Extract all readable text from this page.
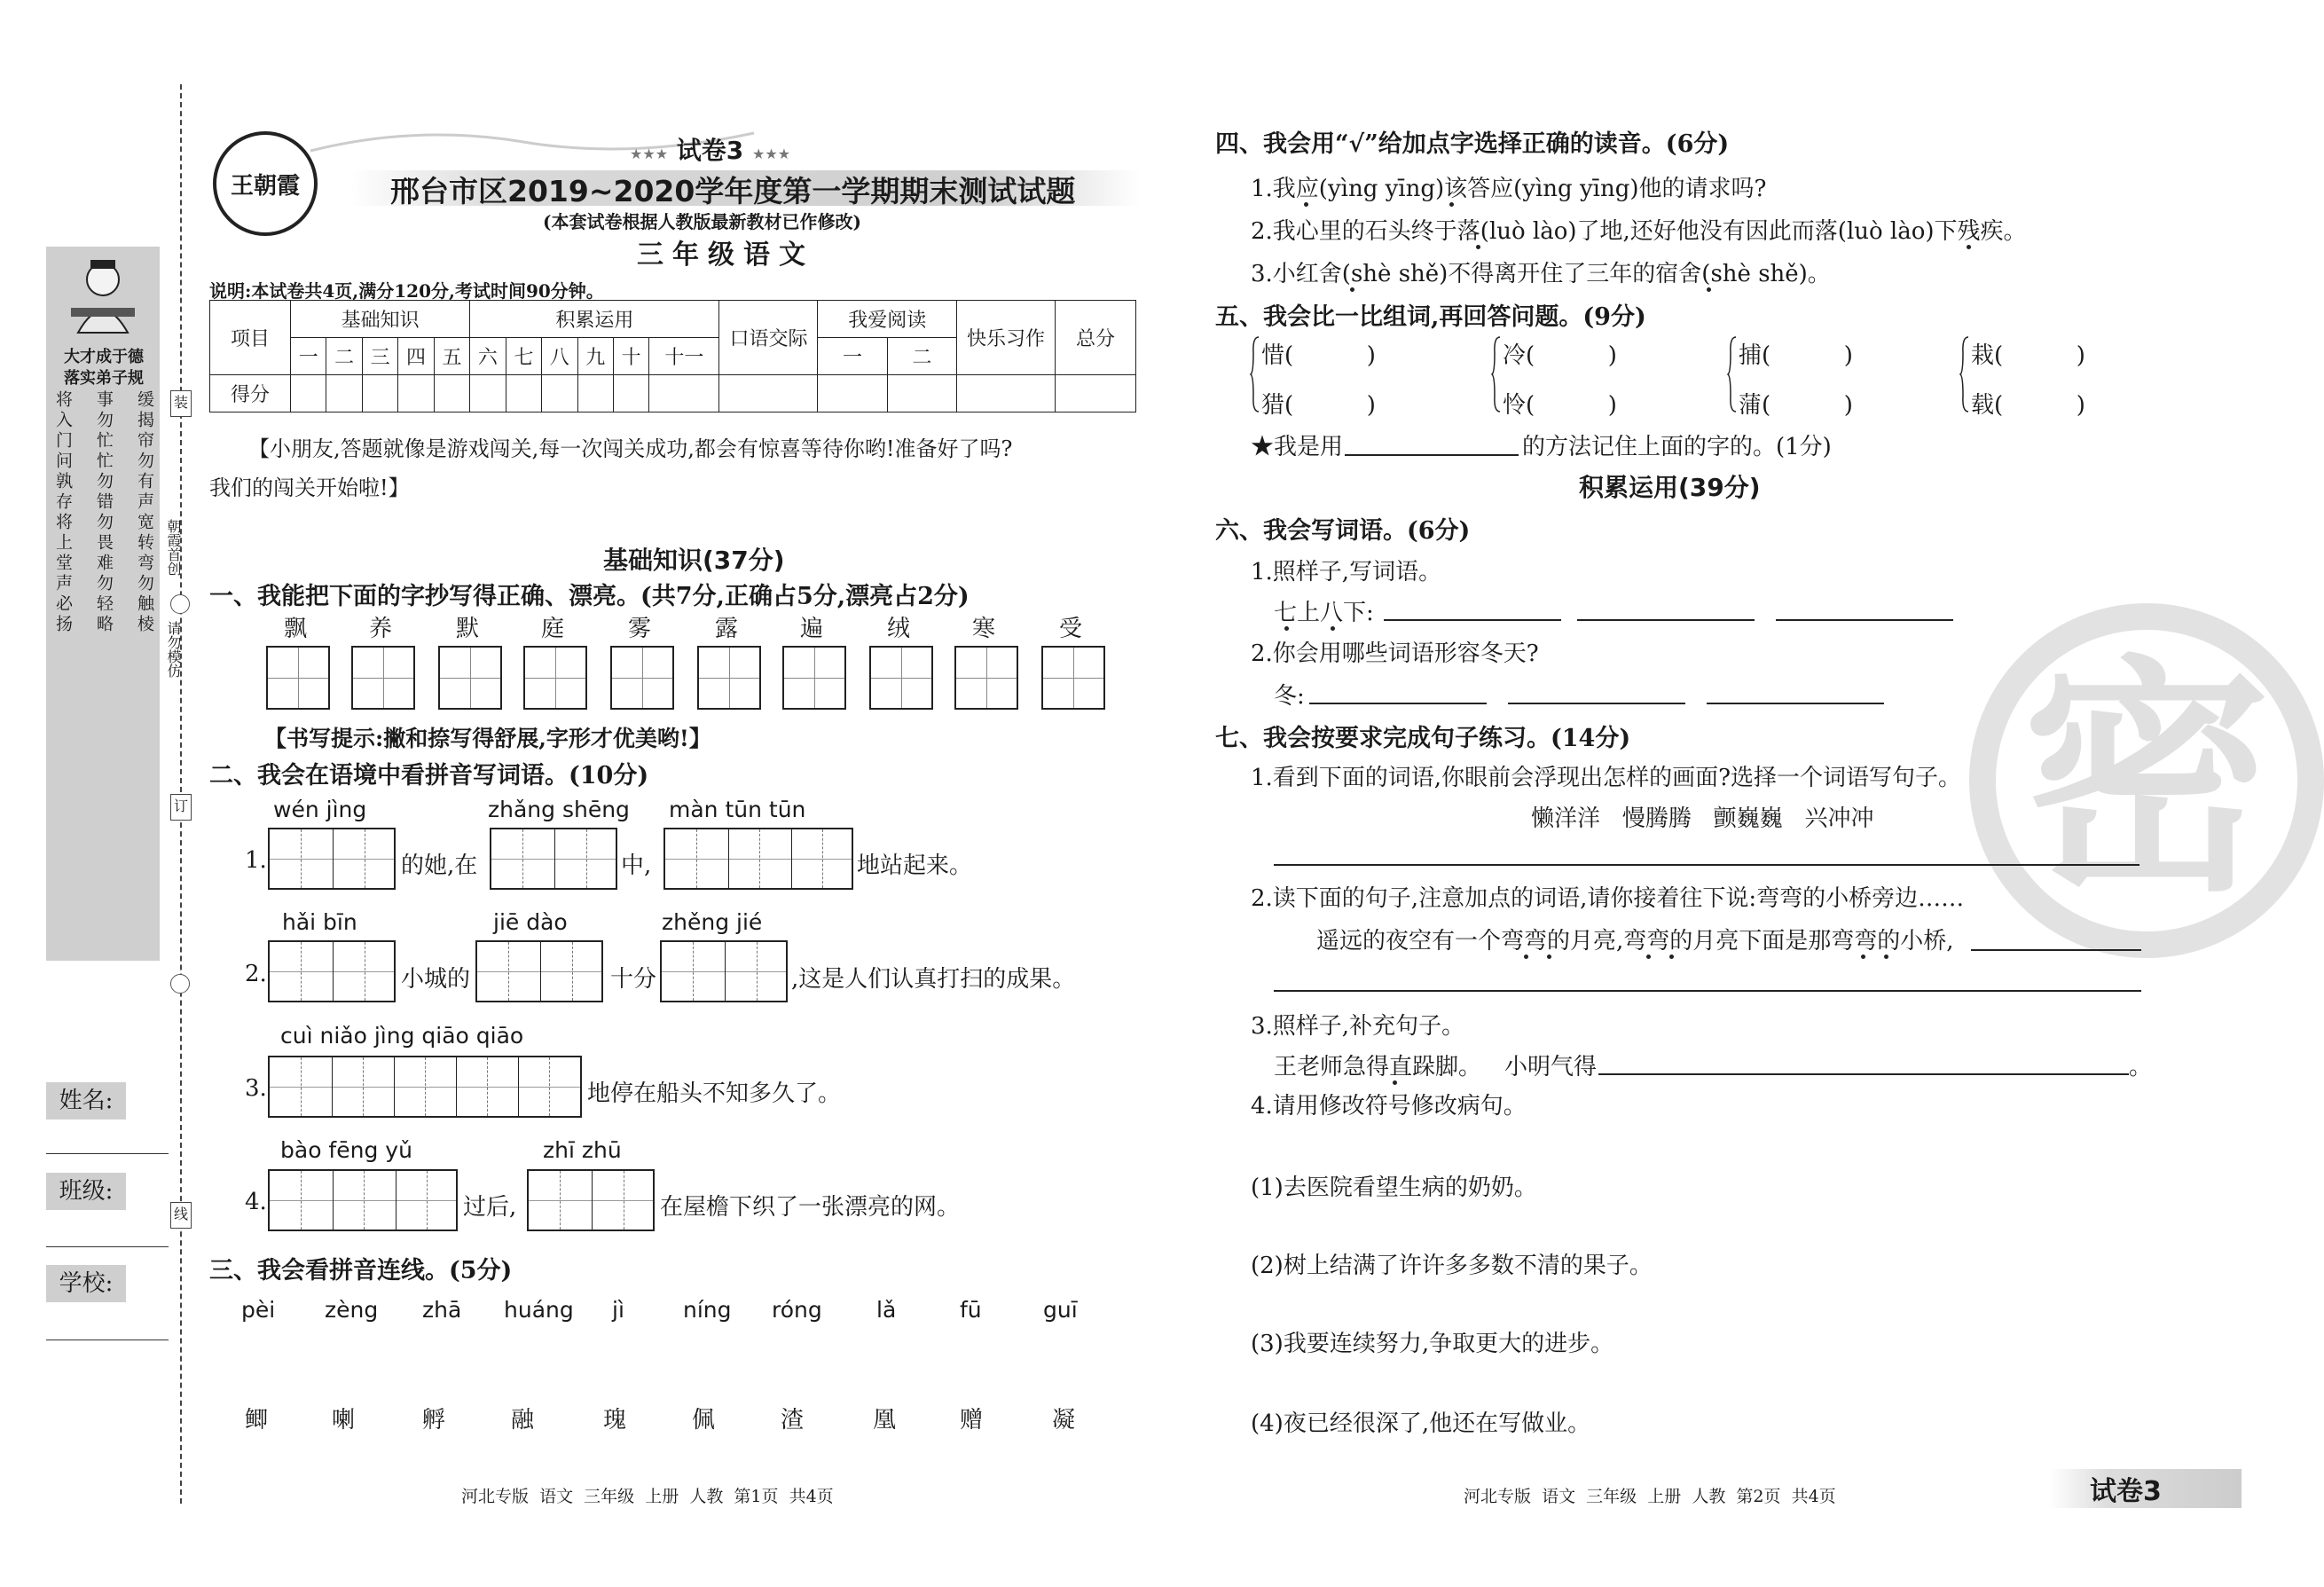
大才成于德
落实弟子规
将入门问孰存将上堂声必扬 事勿忙忙勿错勿畏难勿轻略 缓揭帘勿有声宽转弯勿触棱 朝霞首创
请勿模仿
装
订
线
姓名:
班级:
学校:
王朝霞
★★★ 试卷3 ★★★
邢台市区2019~2020学年度第一学期期末测试试题
(本套试卷根据人教版最新教材已作修改)
三年级语文
说明:本试卷共4页,满分120分,考试时间90分钟。
项目	基础知识					积累运用						口语交际	我爱阅读		快乐习作	总分
	一	二	三	四	五	六	七	八	九	十	十一		一	二		
得分																
【小朋友,答题就像是游戏闯关,每一次闯关成功,都会有惊喜等待你哟!准备好了吗?
我们的闯关开始啦!】
基础知识(37分)
一、我能把下面的字抄写得正确、漂亮。(共7分,正确占5分,漂亮占2分)
飘	养	默	庭	雾	露	遍	绒	寒	受
【书写提示:撇和捺写得舒展,字形才优美哟!】
二、我会在语境中看拼音写词语。(10分)
1.
wén jìng
的她,在
zhǎng shēng
中,
màn tūn tūn
地站起来。
2.
hǎi bīn
小城的
jiē dào
十分
zhěng jié
,这是人们认真打扫的成果。
3.
cuì niǎo jìng qiāo qiāo
地停在船头不知多久了。
4.
bào fēng yǔ
过后,
zhī zhū
在屋檐下织了一张漂亮的网。
三、我会看拼音连线。(5分)
pèi zèng zhā huáng jì	níng róng lǎ	fū	guī
鲫	喇	孵	融	瑰	佩	渣	凰	赠	凝
河北专版  语文  三年级  上册  人教  第1页  共4页
密
四、我会用“√”给加点字选择正确的读音。(6分)
1.我应(yìng yīng)该答应(yìng yīng)他的请求吗?
2.我心里的石头终于落(luò lào)了地,还好他没有因此而落(luò lào)下残疾。
3.小红舍(shè shě)不得离开住了三年的宿舍(shè shě)。
五、我会比一比组词,再回答问题。(9分)
惜(          )
猎(          )
冷(          )
怜(          )
捕(          )
蒲(          )
栽(          )
载(          )
★我是用	的方法记住上面的字的。(1分)
积累运用(39分)
六、我会写词语。(6分)
1.照样子,写词语。
七上八下:
2.你会用哪些词语形容冬天?
冬:
七、我会按要求完成句子练习。(14分)
1.看到下面的词语,你眼前会浮现出怎样的画面?选择一个词语写句子。
懒洋洋 慢腾腾 颤巍巍 兴冲冲
2.读下面的句子,注意加点的词语,请你接着往下说:弯弯的小桥旁边……
遥远的夜空有一个弯弯的月亮,弯弯的月亮下面是那弯弯的小桥,
3.照样子,补充句子。
王老师急得直跺脚。 小明气得	。
4.请用修改符号修改病句。
(1)去医院看望生病的奶奶。
(2)树上结满了许许多多数不清的果子。
(3)我要连续努力,争取更大的进步。
(4)夜已经很深了,他还在写做业。
河北专版  语文  三年级  上册  人教  第2页  共4页	试卷3
